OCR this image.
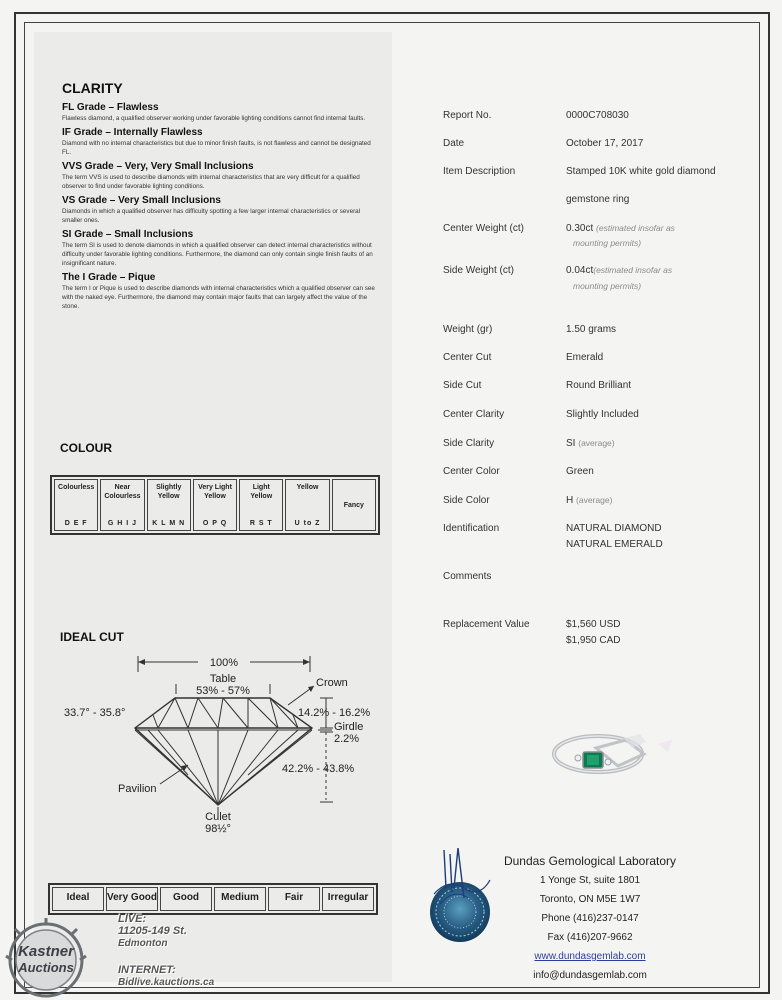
CLARITY
FL Grade – Flawless
Flawless diamond, a qualified observer working under favorable lighting conditions cannot find internal faults.
IF Grade – Internally Flawless
Diamond with no internal characteristics but due to minor finish faults, is not flawless and cannot be designated FL.
VVS Grade – Very, Very Small Inclusions
The term VVS is used to describe diamonds with internal characteristics that are very difficult for a qualified observer to find under favorable lighting conditions.
VS Grade – Very Small Inclusions
Diamonds in which a qualified observer has difficulty spotting a few larger internal characteristics or several smaller ones.
SI Grade – Small Inclusions
The term SI is used to denote diamonds in which a qualified observer can detect internal characteristics without difficulty under favorable lighting conditions. Furthermore, the diamond can only contain single finish faults of an insignificant nature.
The I Grade – Pique
The term I or Pique is used to describe diamonds with internal characteristics which a qualified observer can see with the naked eye. Furthermore, the diamond may contain major faults that can largely affect the value of the stone.
COLOUR
Colourless
D E F
Near Colourless
G H I J
Slightly Yellow
K L M N
Very Light Yellow
O P Q
Light Yellow
R S T
Yellow
U to Z
Fancy
IDEAL CUT
100%
Table
53% - 57%
Crown
33.7° - 35.8°	14.2% - 16.2%
Girdle
2.2%
42.2% - 43.8%
Pavilion
Culet
98½°
Ideal	Very Good	Good	Medium	Fair	Irregular
Report No.	0000C708030
Date	October 17, 2017
Item Description	Stamped 10K white gold diamond
gemstone ring
Center Weight (ct)	0.30ct (estimated insofar as
mounting permits)
Side Weight (ct)	0.04ct(estimated insofar as
mounting permits)
Weight (gr)	1.50 grams
Center Cut	Emerald
Side Cut	Round Brilliant
Center Clarity	Slightly Included
Side Clarity	SI (average)
Center Color	Green
Side Color	H (average)
Identification	NATURAL DIAMOND
NATURAL EMERALD
Comments
Replacement Value	$1,560 USD
$1,950 CAD
Dundas Gemological Laboratory
1 Yonge St, suite 1801
Toronto, ON M5E 1W7
Phone (416)237-0147
Fax (416)207-9662
www.dundasgemlab.com
info@dundasgemlab.com
Kastner
Auctions
LIVE:
11205-149 St.
Edmonton
INTERNET:
Bidlive.kauctions.ca
